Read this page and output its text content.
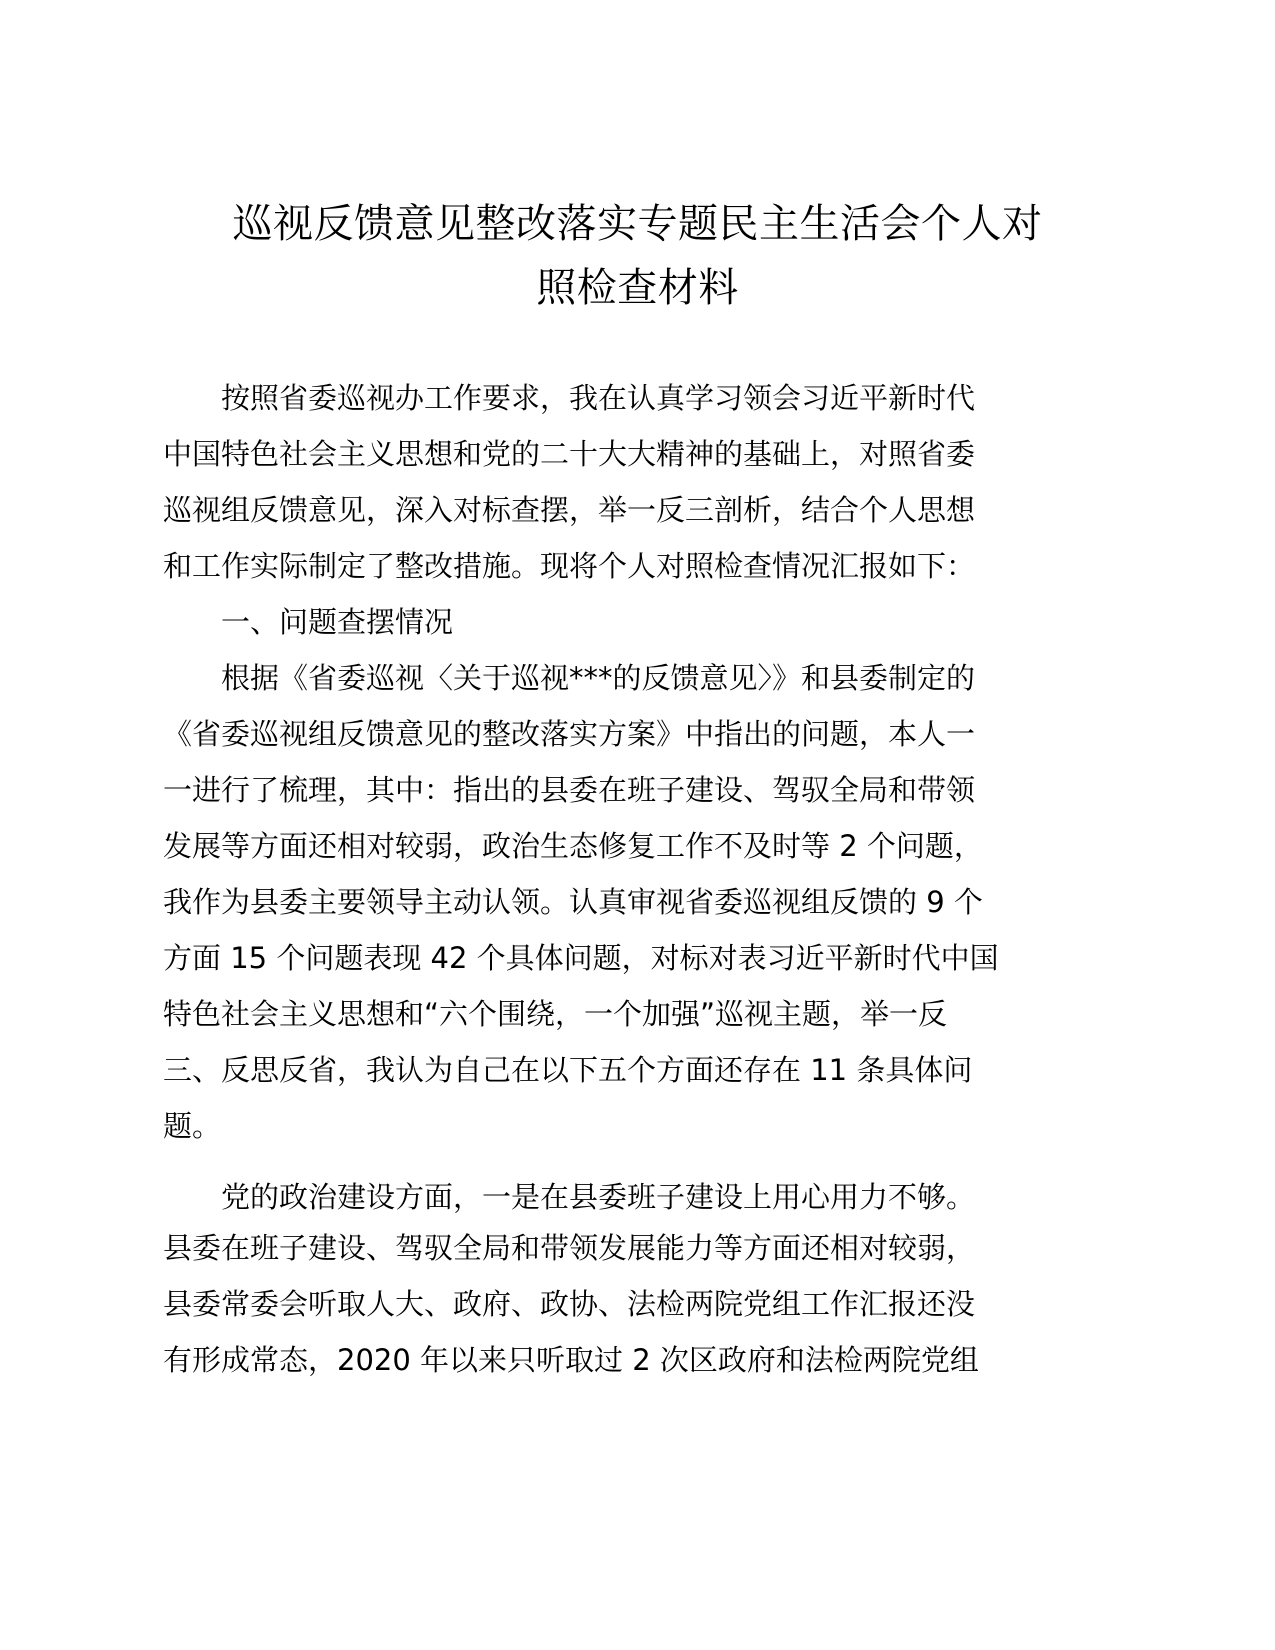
巡视反馈意见整改落实专题民主生活会个人对
照检查材料
按照省委巡视办工作要求，我在认真学习领会习近平新时代
中国特色社会主义思想和党的二十大大精神的基础上，对照省委
巡视组反馈意见，深入对标查摆，举一反三剖析，结合个人思想
和工作实际制定了整改措施。现将个人对照检查情况汇报如下：
一、问题查摆情况
根据《省委巡视〈关于巡视***的反馈意见〉》和县委制定的
《省委巡视组反馈意见的整改落实方案》中指出的问题，本人一
一进行了梳理，其中：指出的县委在班子建设、驾驭全局和带领
发展等方面还相对较弱，政治生态修复工作不及时等 2 个问题，
我作为县委主要领导主动认领。认真审视省委巡视组反馈的 9 个
方面 15 个问题表现 42 个具体问题，对标对表习近平新时代中国
特色社会主义思想和“六个围绕，一个加强”巡视主题，举一反
三、反思反省，我认为自己在以下五个方面还存在 11 条具体问
题。
党的政治建设方面，一是在县委班子建设上用心用力不够。
县委在班子建设、驾驭全局和带领发展能力等方面还相对较弱，
县委常委会听取人大、政府、政协、法检两院党组工作汇报还没
有形成常态，2020 年以来只听取过 2 次区政府和法检两院党组
